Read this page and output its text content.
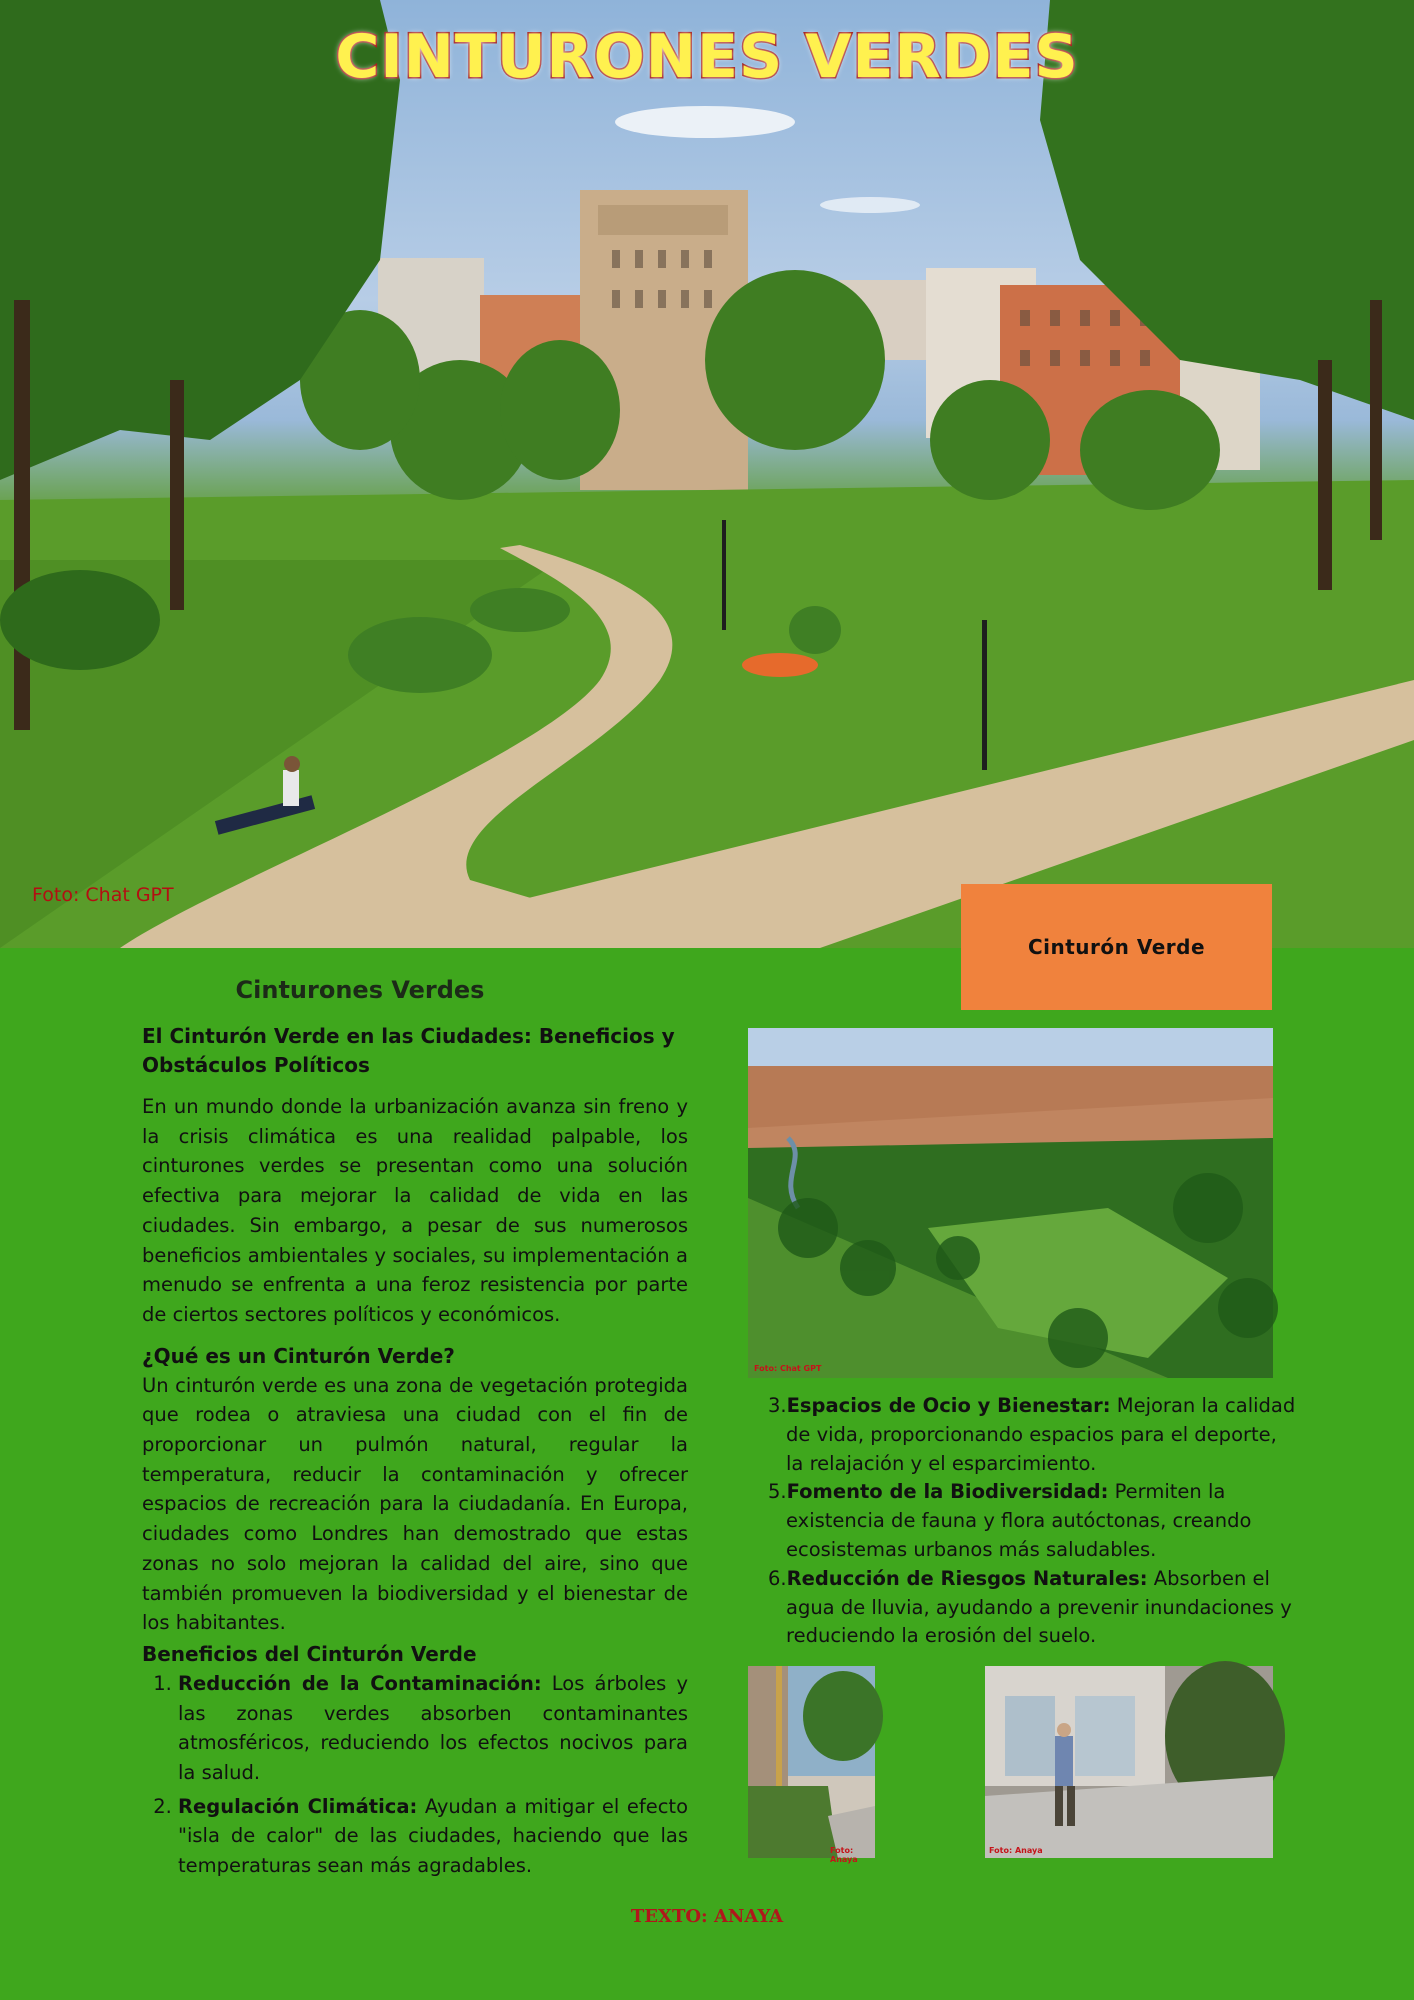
CINTURONES VERDES
Foto: Chat GPT
Cinturón Verde
Cinturones Verdes

El Cinturón Verde en las Ciudades: Beneficios y Obstáculos Políticos

En un mundo donde la urbanización avanza sin freno y la crisis climática es una realidad palpable, los cinturones verdes se presentan como una solución efectiva para mejorar la calidad de vida en las ciudades. Sin embargo, a pesar de sus numerosos beneficios ambientales y sociales, su implementación a menudo se enfrenta a una feroz resistencia por parte de ciertos sectores políticos y económicos.

¿Qué es un Cinturón Verde?

Un cinturón verde es una zona de vegetación protegida que rodea o atraviesa una ciudad con el fin de proporcionar un pulmón natural, regular la temperatura, reducir la contaminación y ofrecer espacios de recreación para la ciudadanía. En Europa, ciudades como Londres han demostrado que estas zonas no solo mejoran la calidad del aire, sino que también promueven la biodiversidad y el bienestar de los habitantes.

Beneficios del Cinturón Verde

1. Reducción de la Contaminación: Los árboles y las zonas verdes absorben contaminantes atmosféricos, reduciendo los efectos nocivos para la salud.
2. Regulación Climática: Ayudan a mitigar el efecto "isla de calor" de las ciudades, haciendo que las temperaturas sean más agradables.
Foto: Chat GPT
3.Espacios de Ocio y Bienestar: Mejoran la calidad de vida, proporcionando espacios para el deporte, la relajación y el esparcimiento.
5.Fomento de la Biodiversidad: Permiten la existencia de fauna y flora autóctonas, creando ecosistemas urbanos más saludables.
6.Reducción de Riesgos Naturales: Absorben el agua de lluvia, ayudando a prevenir inundaciones y reduciendo la erosión del suelo.
Foto: Anaya
Foto: Anaya
TEXTO: ANAYA
